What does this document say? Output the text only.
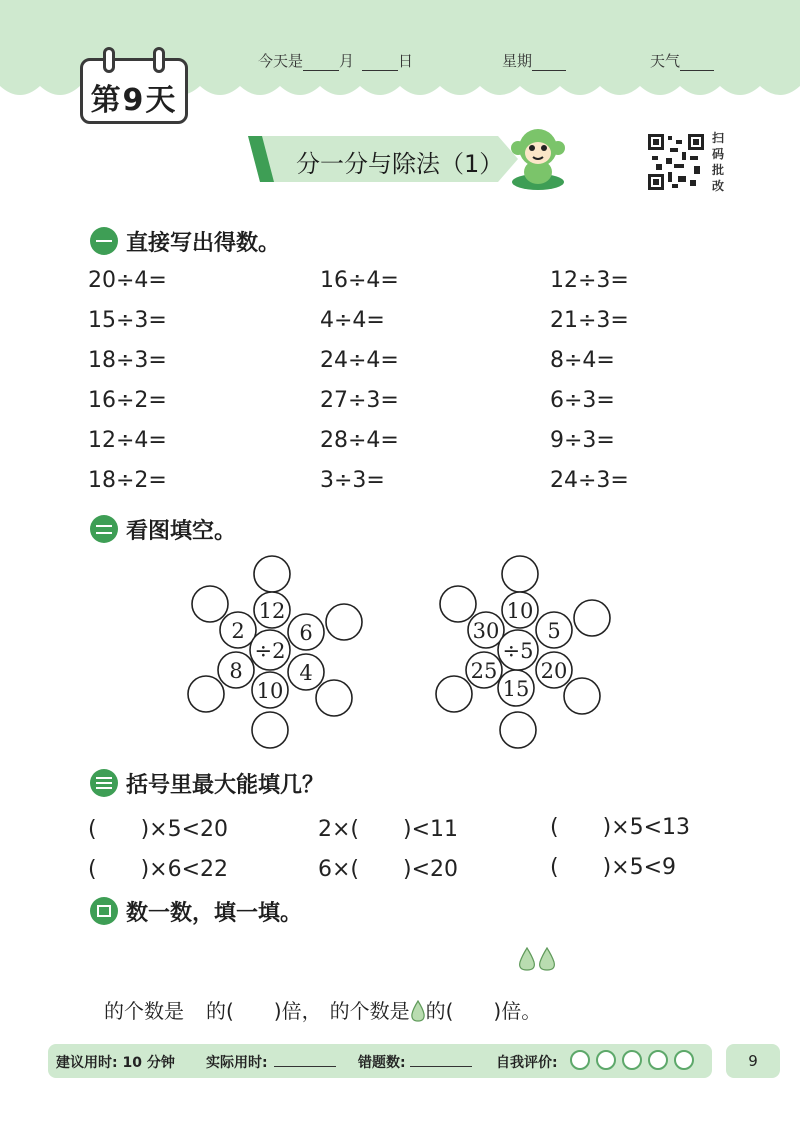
第9天
今天是 月	日	星期	天气
分一分与除法（1）
扫码批改
直接写出得数。
20÷4=	16÷4=	12÷3=
15÷3=	4÷4=	21÷3=
18÷3=	24÷4=	8÷4=
16÷2=	27÷3=	6÷3=
12÷4=	28÷4=	9÷3=
18÷2=	3÷3=	24÷3=
看图填空。
÷2
12
6
4
10
8
2
÷5
10
5
20
15
25
30
括号里最大能填几？
(　　)×5<20	2×(　　)<11	(　　)×5<13
(　　)×6<22	6×(　　)<20	(　　)×5<9
数一数，填一填。
的个数是 的(　　)倍， 的个数是 的(　　)倍。
建议用时: 10 分钟 实际用时:	错题数:	自我评价:	9
